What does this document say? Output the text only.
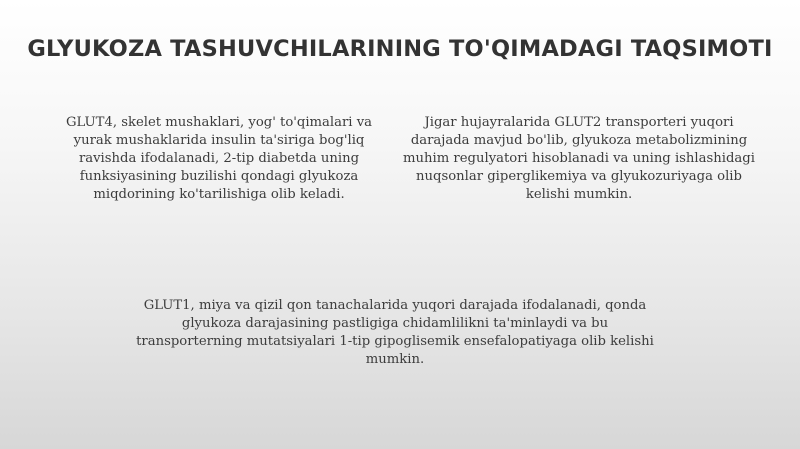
GLYUKOZA TASHUVCHILARINING TO'QIMADAGI TAQSIMOTI

GLUT4, skelet mushaklari, yog' to'qimalari va yurak mushaklarida insulin ta'siriga bog'liq ravishda ifodalanadi, 2-tip diabetda uning funksiyasining buzilishi qondagi glyukoza miqdorining ko'tarilishiga olib keladi.

Jigar hujayralarida GLUT2 transporteri yuqori darajada mavjud bo'lib, glyukoza metabolizmining muhim regulyatori hisoblanadi va uning ishlashidagi nuqsonlar giperglikemiya va glyukozuriyaga olib kelishi mumkin.

GLUT1, miya va qizil qon tanachalarida yuqori darajada ifodalanadi, qonda glyukoza darajasining pastligiga chidamlilikni ta'minlaydi va bu transporterning mutatsiyalari 1-tip gipoglisemik ensefalopatiyaga olib kelishi mumkin.
